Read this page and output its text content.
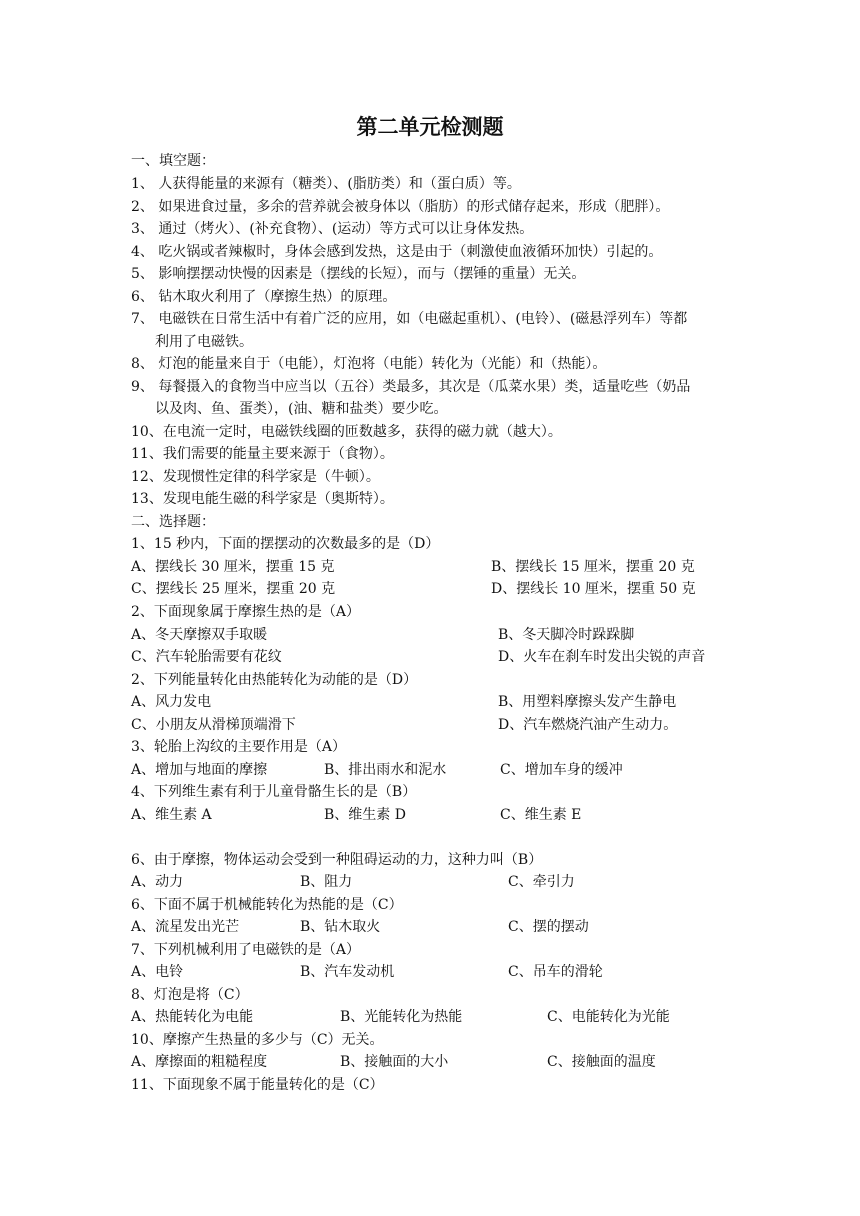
第二单元检测题
一、填空题：
1、 人获得能量的来源有（糖类）、(脂肪类）和（蛋白质）等。
2、 如果进食过量，多余的营养就会被身体以（脂肪）的形式储存起来，形成（肥胖）。
3、 通过（烤火）、(补充食物）、(运动）等方式可以让身体发热。
4、 吃火锅或者辣椒时，身体会感到发热，这是由于（刺激使血液循环加快）引起的。
5、 影响摆摆动快慢的因素是（摆线的长短），而与（摆锤的重量）无关。
6、 钻木取火利用了（摩擦生热）的原理。
7、 电磁铁在日常生活中有着广泛的应用，如（电磁起重机）、(电铃）、(磁悬浮列车）等都
利用了电磁铁。
8、 灯泡的能量来自于（电能），灯泡将（电能）转化为（光能）和（热能）。
9、 每餐摄入的食物当中应当以（五谷）类最多，其次是（瓜菜水果）类，适量吃些（奶品
以及肉、鱼、蛋类），(油、糖和盐类）要少吃。
10、在电流一定时，电磁铁线圈的匝数越多，获得的磁力就（越大）。
11、我们需要的能量主要来源于（食物）。
12、发现惯性定律的科学家是（牛顿）。
13、发现电能生磁的科学家是（奥斯特）。
二、选择题：
1、15 秒内，下面的摆摆动的次数最多的是（D）
A、摆线长 30 厘米，摆重 15 克	B、摆线长 15 厘米，摆重 20 克
C、摆线长 25 厘米，摆重 20 克	D、摆线长 10 厘米，摆重 50 克
2、下面现象属于摩擦生热的是（A）
A、冬天摩擦双手取暖	B、冬天脚冷时跺跺脚
C、汽车轮胎需要有花纹	D、火车在刹车时发出尖锐的声音
2、下列能量转化由热能转化为动能的是（D）
A、风力发电	B、用塑料摩擦头发产生静电
C、小朋友从滑梯顶端滑下	D、汽车燃烧汽油产生动力。
3、轮胎上沟纹的主要作用是（A）
A、增加与地面的摩擦	B、排出雨水和泥水	C、增加车身的缓冲
4、下列维生素有利于儿童骨骼生长的是（B）
A、维生素 A	B、维生素 D	C、维生素 E
6、由于摩擦，物体运动会受到一种阻碍运动的力，这种力叫（B）
A、动力	B、阻力	C、牵引力
6、下面不属于机械能转化为热能的是（C）
A、流星发出光芒	B、钻木取火	C、摆的摆动
7、下列机械利用了电磁铁的是（A）
A、电铃	B、汽车发动机	C、吊车的滑轮
8、灯泡是将（C）
A、热能转化为电能	B、光能转化为热能	C、电能转化为光能
10、摩擦产生热量的多少与（C）无关。
A、摩擦面的粗糙程度	B、接触面的大小	C、接触面的温度
11、下面现象不属于能量转化的是（C）
